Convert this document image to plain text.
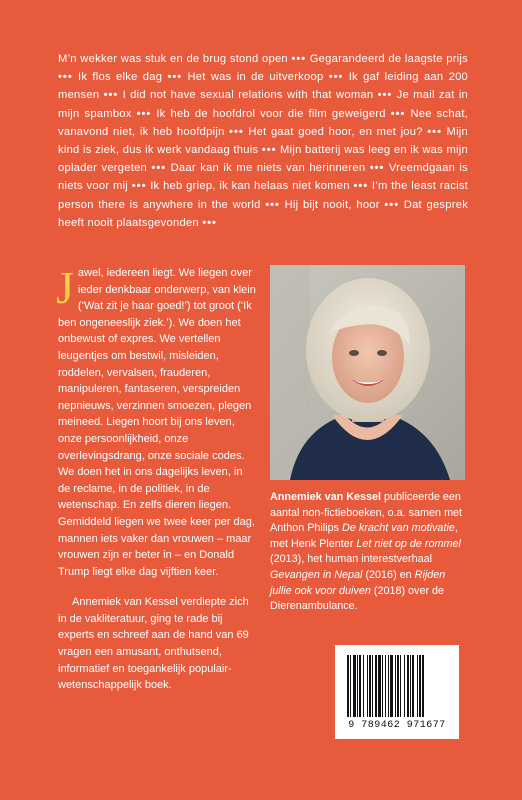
M’n wekker was stuk en de brug stond open ••• Gegarandeerd de laagste prijs ••• Ik flos elke dag ••• Het was in de uitverkoop ••• Ik gaf leiding aan 200 mensen ••• I did not have sexual relations with that woman ••• Je mail zat in mijn spambox ••• Ik heb de hoofdrol voor die film geweigerd ••• Nee schat, vanavond niet, ik heb hoofdpijn ••• Het gaat goed hoor, en met jou? ••• Mijn kind is ziek, dus ik werk vandaag thuis ••• Mijn batterij was leeg en ik was mijn oplader vergeten ••• Daar kan ik me niets van herinneren ••• Vreemdgaan is niets voor mij ••• Ik heb griep, ik kan helaas niet komen ••• I’m the least racist person there is anywhere in the world ••• Hij bijt nooit, hoor ••• Dat gesprek heeft nooit plaatsgevonden •••
J awel, iedereen liegt. We liegen over ieder denkbaar onderwerp, van klein (‘Wat zit je haar goed!’) tot groot (‘Ik ben ongeneeslijk ziek.’). We doen het onbewust of expres. We vertellen leugentjes om bestwil, misleiden, roddelen, vervalsen, frauderen, manipuleren, fantaseren, verspreiden nepnieuws, verzinnen smoezen, plegen meineed. Liegen hoort bij ons leven, onze persoonlijkheid, onze overlevingsdrang, onze sociale codes. We doen het in ons dagelijks leven, in de reclame, in de politiek, in de wetenschap. En zelfs dieren liegen. Gemiddeld liegen we twee keer per dag, mannen iets vaker dan vrouwen – maar vrouwen zijn er beter in – en Donald Trump liegt elke dag vijftien keer.

Annemiek van Kessel verdiepte zich in de vakliteratuur, ging te rade bij experts en schreef aan de hand van 69 vragen een amusant, onthutsend, informatief en toegankelijk populair-wetenschappelijk boek.

Annemiek van Kessel publiceerde een aantal non-fictieboeken, o.a. samen met Anthon Philips De kracht van motivatie, met Henk Plenter Let niet op de rommel (2013), het human interestverhaal Gevangen in Nepal (2016) en Rijden jullie ook voor duiven (2018) over de Dierenambulance.
9 789462 971677
